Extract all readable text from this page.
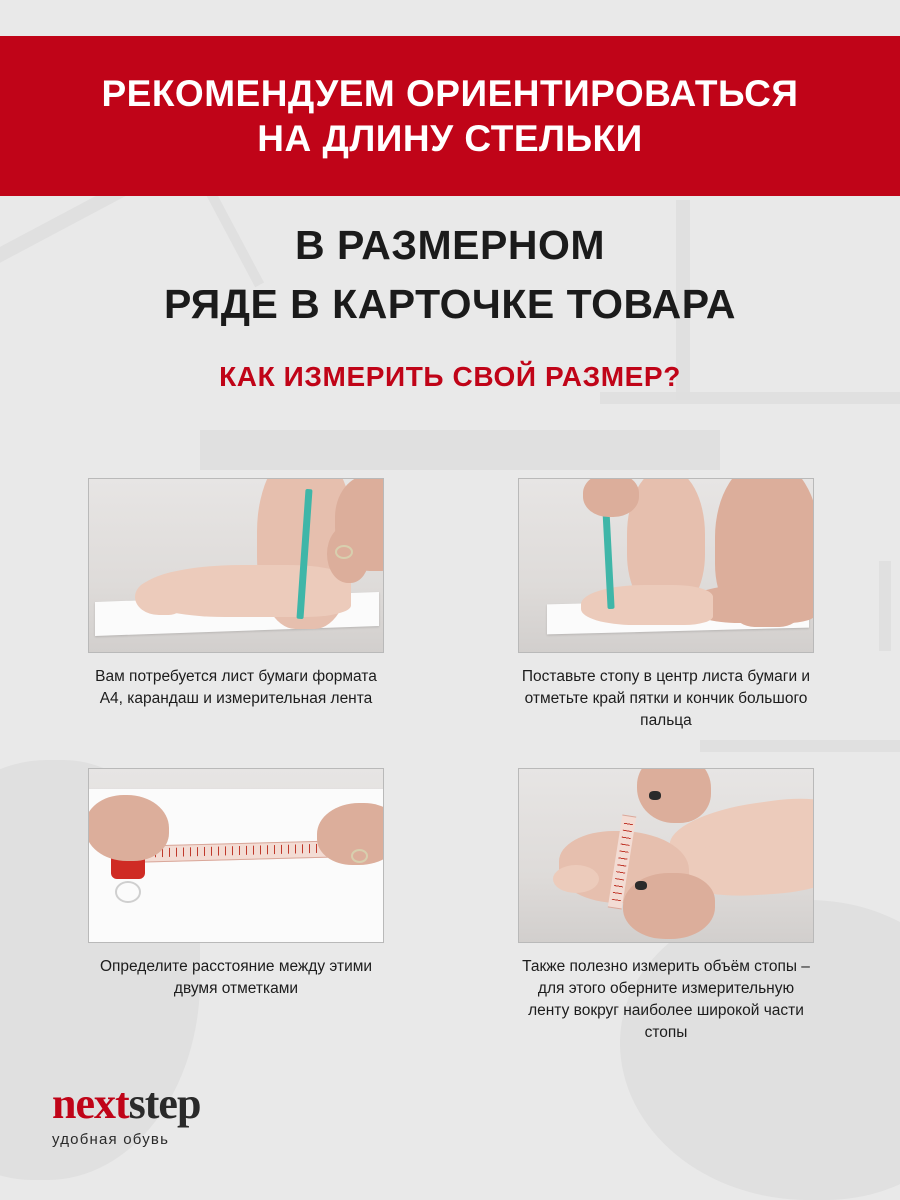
РЕКОМЕНДУЕМ ОРИЕНТИРОВАТЬСЯ
НА ДЛИНУ СТЕЛЬКИ
В РАЗМЕРНОМ
РЯДЕ В КАРТОЧКЕ ТОВАРА
КАК ИЗМЕРИТЬ СВОЙ РАЗМЕР?
Вам потребуется лист бумаги формата А4, карандаш и измерительная лента
Поставьте стопу в центр листа бумаги и отметьте край пятки и кончик большого пальца
Определите расстояние между этими двумя отметками
Также полезно измерить объём стопы – для этого оберните измерительную ленту вокруг наиболее широкой части стопы
nextstep
удобная обувь
